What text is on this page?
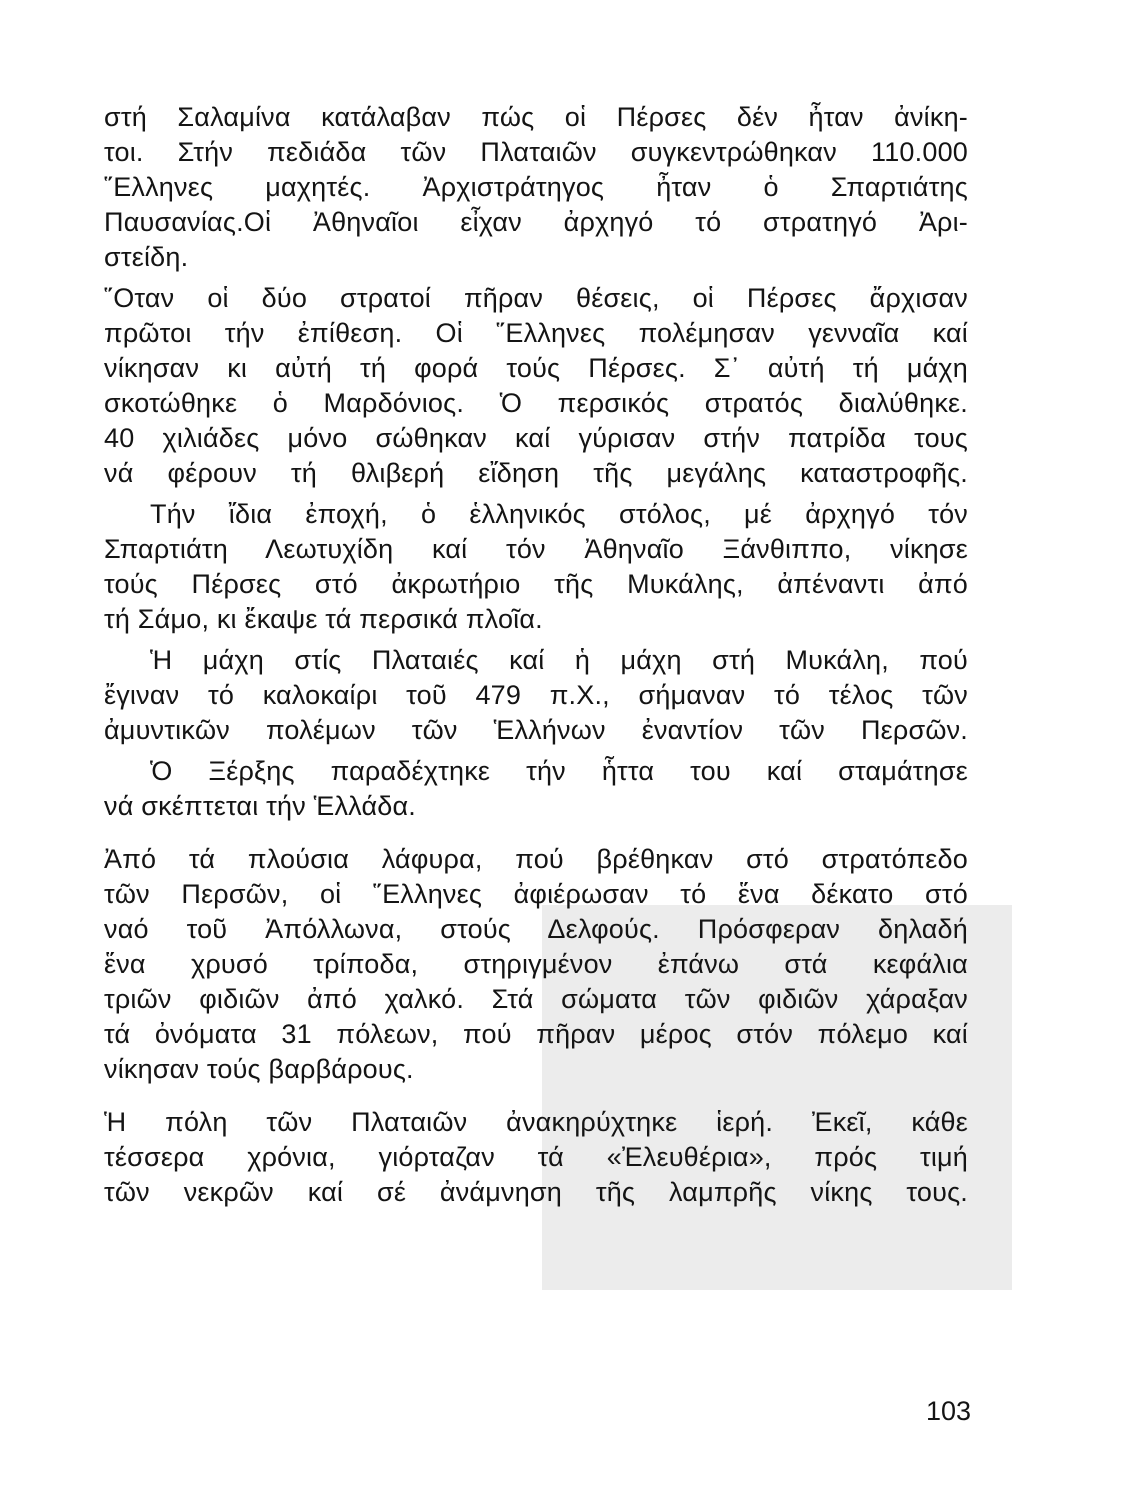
στή Σαλαμίνα κατάλαβαν πώς οἱ Πέρσες δέν ἦταν ἀνίκη-
τοι. Στήν πεδιάδα τῶν Πλαταιῶν συγκεντρώθηκαν 110.000
῞Ελληνες μαχητές. Ἀρχιστράτηγος ἦταν ὁ Σπαρτιάτης
Παυσανίας.Οἱ Ἀθηναῖοι εἶχαν ἀρχηγό τό στρατηγό Ἀρι-
στείδη.
῞Οταν οἱ δύο στρατοί πῆραν θέσεις, οἱ Πέρσες ἄρχισαν
πρῶτοι τήν ἐπίθεση. Οἱ ῞Ελληνες πολέμησαν γενναῖα καί
νίκησαν κι αὐτή τή φορά τούς Πέρσες. Σ᾽ αὐτή τή μάχη
σκοτώθηκε ὁ Μαρδόνιος. Ὁ περσικός στρατός διαλύθηκε.
40 χιλιάδες μόνο σώθηκαν καί γύρισαν στήν πατρίδα τους
νά φέρουν τή θλιβερή εἴδηση τῆς μεγάλης καταστροφῆς.
Τήν ἴδια ἐποχή, ὁ ἑλληνικός στόλος, μέ ἀρχηγό τόν
Σπαρτιάτη Λεωτυχίδη καί τόν Ἀθηναῖο Ξάνθιππο, νίκησε
τούς Πέρσες στό ἀκρωτήριο τῆς Μυκάλης, ἀπέναντι ἀπό
τή Σάμο, κι ἔκαψε τά περσικά πλοῖα.
Ἡ μάχη στίς Πλαταιές καί ἡ μάχη στή Μυκάλη, πού
ἔγιναν τό καλοκαίρι τοῦ 479 π.Χ., σήμαναν τό τέλος τῶν
ἀμυντικῶν πολέμων τῶν Ἑλλήνων ἐναντίον τῶν Περσῶν.
Ὁ Ξέρξης παραδέχτηκε τήν ἧττα του καί σταμάτησε
νά σκέπτεται τήν Ἑλλάδα.
Ἀπό τά πλούσια λάφυρα, πού βρέθηκαν στό στρατόπεδο
τῶν Περσῶν, οἱ ῞Ελληνες ἀφιέρωσαν τό ἕνα δέκατο στό
ναό τοῦ Ἀπόλλωνα, στούς Δελφούς. Πρόσφεραν δηλαδή
ἕνα χρυσό τρίποδα, στηριγμένον ἐπάνω στά κεφάλια
τριῶν φιδιῶν ἀπό χαλκό. Στά σώματα τῶν φιδιῶν χάραξαν
τά ὀνόματα 31 πόλεων, πού πῆραν μέρος στόν πόλεμο καί
νίκησαν τούς βαρβάρους.
Ἡ πόλη τῶν Πλαταιῶν ἀνακηρύχτηκε ἱερή. Ἐκεῖ, κάθε
τέσσερα χρόνια, γιόρταζαν τά «Ἐλευθέρια», πρός τιμή
τῶν νεκρῶν καί σέ ἀνάμνηση τῆς λαμπρῆς νίκης τους.
103
